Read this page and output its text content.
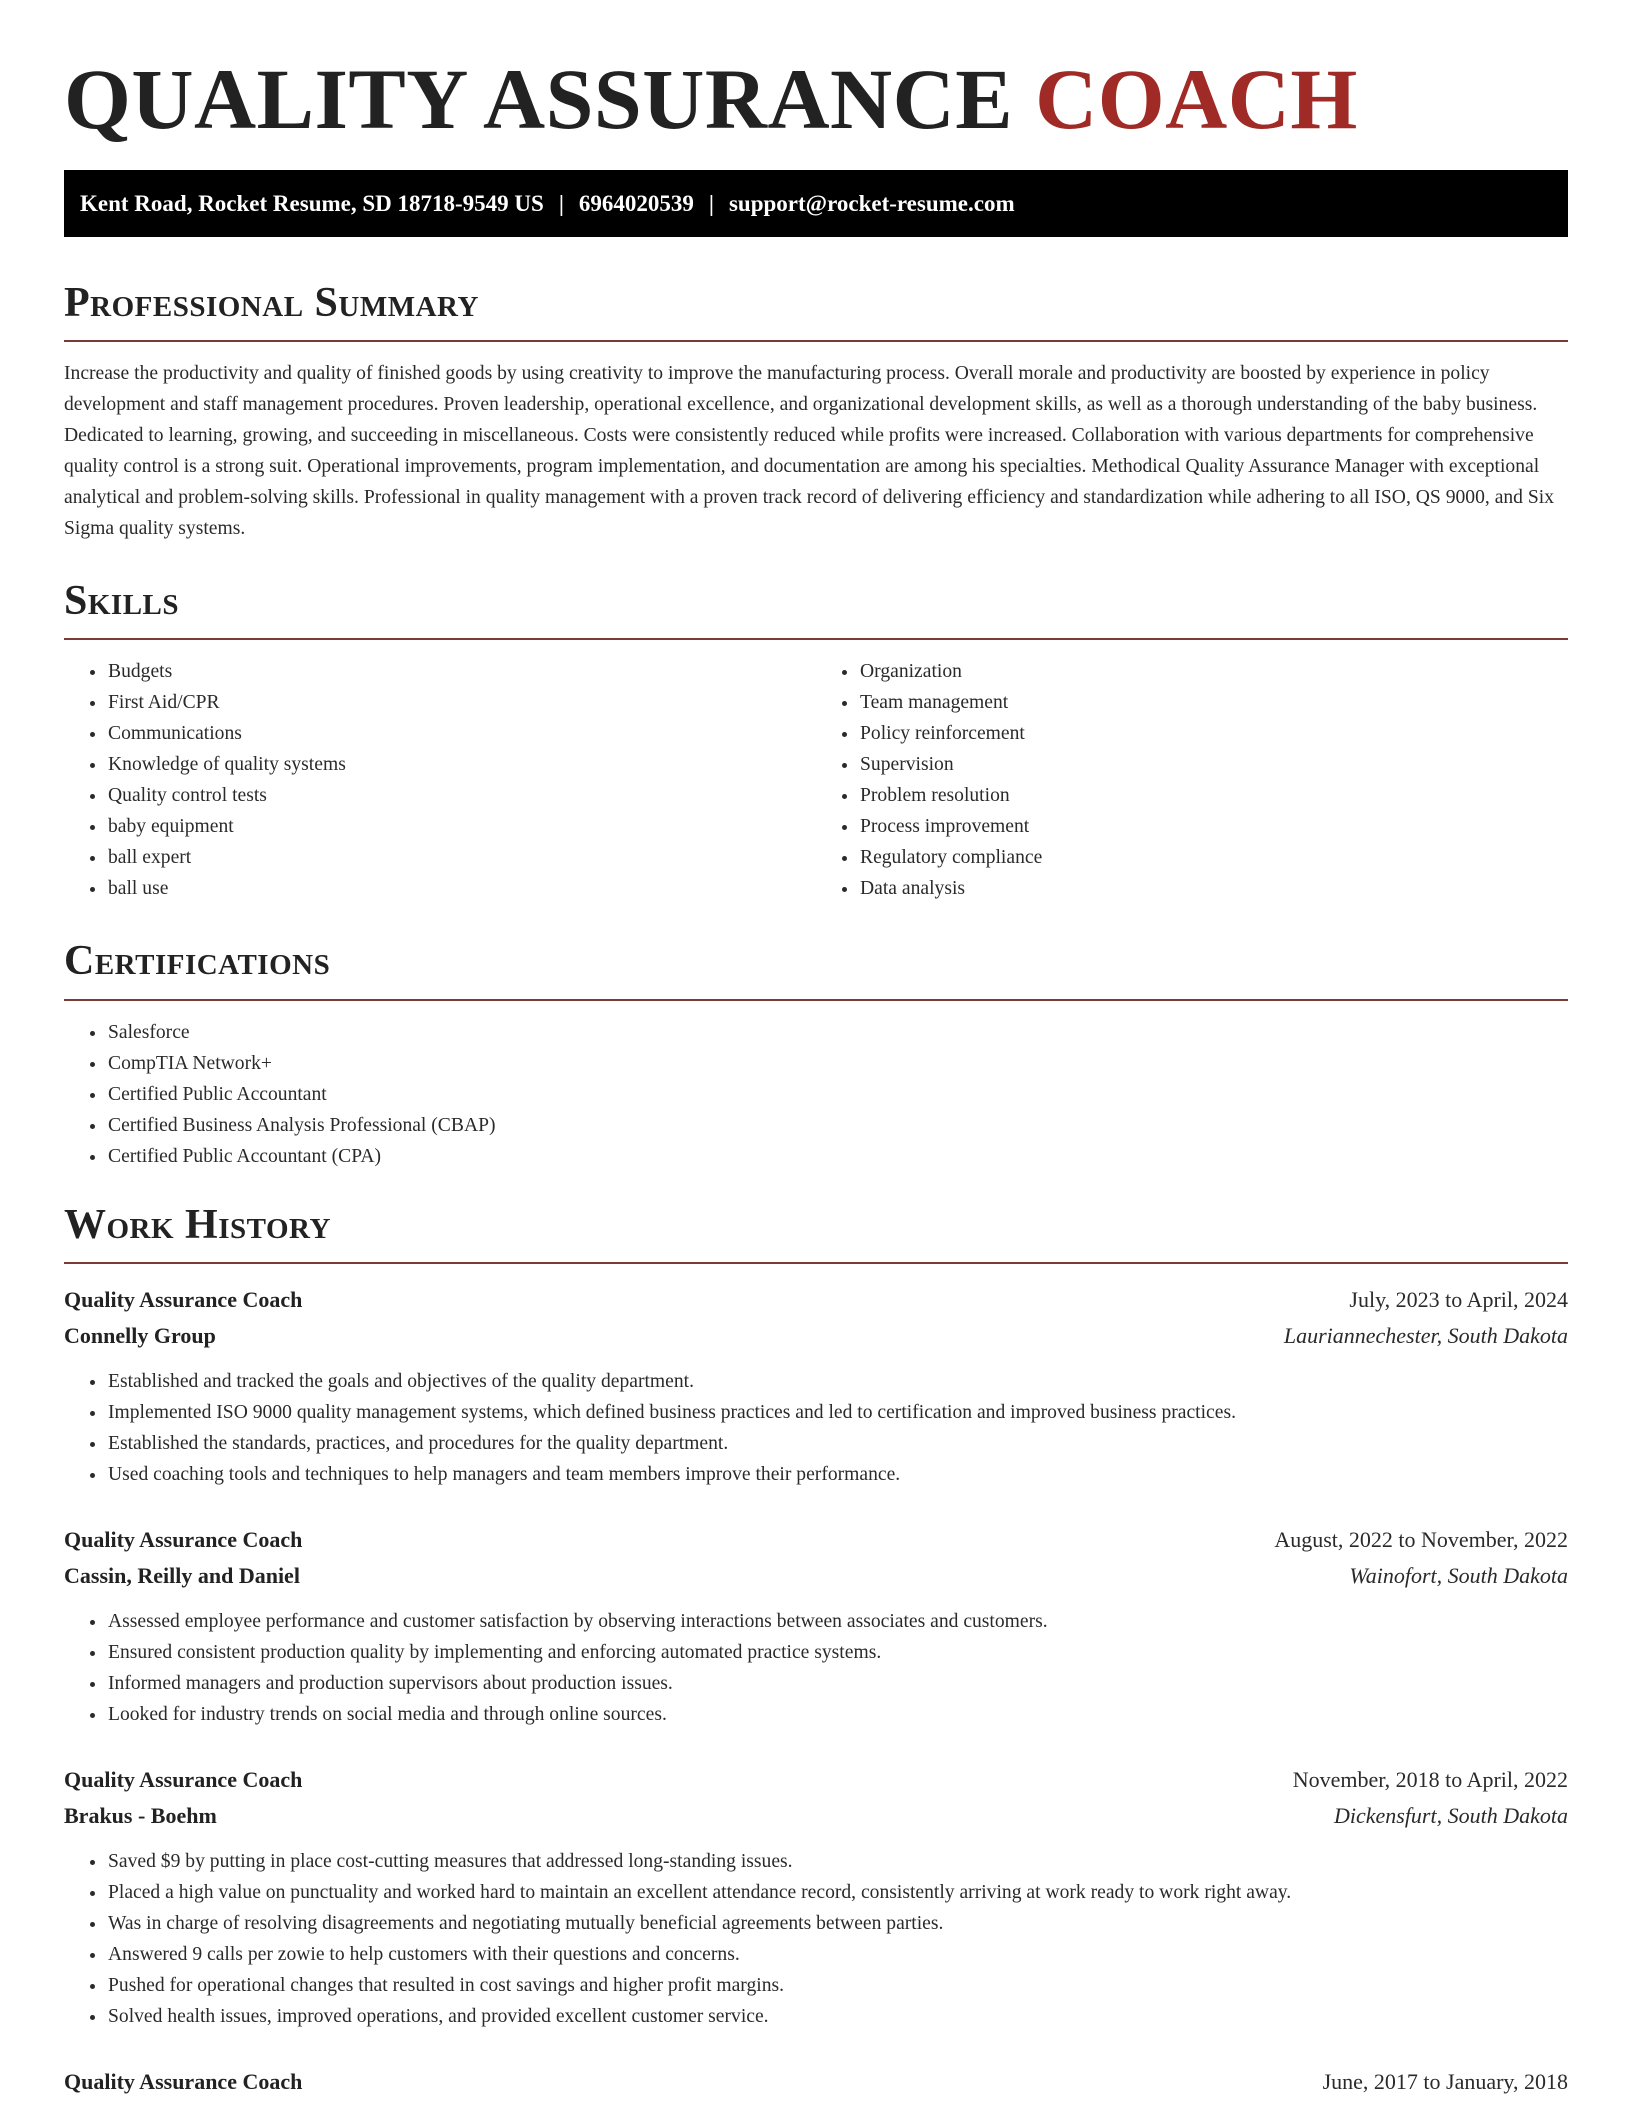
QUALITY ASSURANCE COACH
Kent Road, Rocket Resume, SD 18718-9549 US | 6964020539 | support@rocket-resume.com
Professional Summary

Increase the productivity and quality of finished goods by using creativity to improve the manufacturing process. Overall morale and productivity are boosted by experience in policy development and staff management procedures. Proven leadership, operational excellence, and organizational development skills, as well as a thorough understanding of the baby business. Dedicated to learning, growing, and succeeding in miscellaneous. Costs were consistently reduced while profits were increased. Collaboration with various departments for comprehensive quality control is a strong suit. Operational improvements, program implementation, and documentation are among his specialties. Methodical Quality Assurance Manager with exceptional analytical and problem-solving skills. Professional in quality management with a proven track record of delivering efficiency and standardization while adhering to all ISO, QS 9000, and Six Sigma quality systems.

Skills
• Budgets
• First Aid/CPR
• Communications
• Knowledge of quality systems
• Quality control tests
• baby equipment
• ball expert
• ball use
• Organization
• Team management
• Policy reinforcement
• Supervision
• Problem resolution
• Process improvement
• Regulatory compliance
• Data analysis
Certifications
• Salesforce
• CompTIA Network+
• Certified Public Accountant
• Certified Business Analysis Professional (CBAP)
• Certified Public Accountant (CPA)
Work History
Quality Assurance Coach	July, 2023 to April, 2024
Connelly Group	Lauriannechester, South Dakota
• Established and tracked the goals and objectives of the quality department.
• Implemented ISO 9000 quality management systems, which defined business practices and led to certification and improved business practices.
• Established the standards, practices, and procedures for the quality department.
• Used coaching tools and techniques to help managers and team members improve their performance.
Quality Assurance Coach	August, 2022 to November, 2022
Cassin, Reilly and Daniel	Wainofort, South Dakota
• Assessed employee performance and customer satisfaction by observing interactions between associates and customers.
• Ensured consistent production quality by implementing and enforcing automated practice systems.
• Informed managers and production supervisors about production issues.
• Looked for industry trends on social media and through online sources.
Quality Assurance Coach	November, 2018 to April, 2022
Brakus - Boehm	Dickensfurt, South Dakota
• Saved $9 by putting in place cost-cutting measures that addressed long-standing issues.
• Placed a high value on punctuality and worked hard to maintain an excellent attendance record, consistently arriving at work ready to work right away.
• Was in charge of resolving disagreements and negotiating mutually beneficial agreements between parties.
• Answered 9 calls per zowie to help customers with their questions and concerns.
• Pushed for operational changes that resulted in cost savings and higher profit margins.
• Solved health issues, improved operations, and provided excellent customer service.
Quality Assurance Coach	June, 2017 to January, 2018
